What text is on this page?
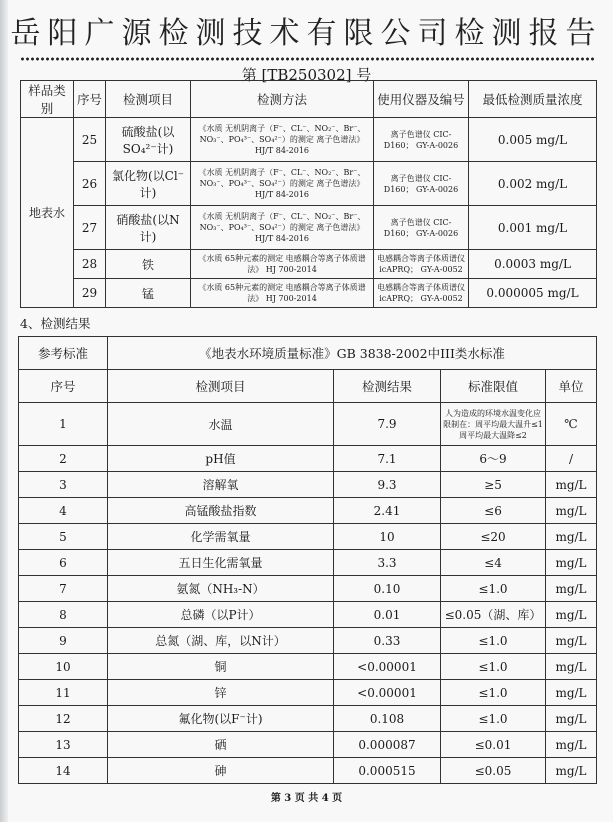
岳阳广源检测技术有限公司检测报告
第 [TB250302] 号
样品类别	序号	检测项目	检测方法	使用仪器及编号	最低检测质量浓度
地表水	25	硫酸盐(以SO₄²⁻计)	《水质 无机阴离子（F⁻、CL⁻、NO₂⁻、Br⁻、NO₃⁻、PO₄³⁻、SO₄²⁻）的测定 离子色谱法》HJ/T 84-2016	离子色谱仪 CIC-D160； GY-A-0026	0.005 mg/L
	26	氯化物(以Cl⁻计)	《水质 无机阴离子（F⁻、CL⁻、NO₂⁻、Br⁻、NO₃⁻、PO₄³⁻、SO₄²⁻）的测定 离子色谱法》HJ/T 84-2016	离子色谱仪 CIC-D160； GY-A-0026	0.002 mg/L
	27	硝酸盐(以N 计)	《水质 无机阴离子（F⁻、CL⁻、NO₂⁻、Br⁻、NO₃⁻、PO₄³⁻、SO₄²⁻）的测定 离子色谱法》HJ/T 84-2016	离子色谱仪 CIC-D160； GY-A-0026	0.001 mg/L
	28	铁	《水质 65种元素的测定 电感耦合等离子体质谱法》 HJ 700-2014	电感耦合等离子体质谱仪icAPRQ； GY-A-0052	0.0003 mg/L
	29	锰	《水质 65种元素的测定 电感耦合等离子体质谱法》 HJ 700-2014	电感耦合等离子体质谱仪icAPRQ； GY-A-0052	0.000005 mg/L
4、检测结果
参考标准	《地表水环境质量标准》GB 3838-2002中III类水标准			
序号	检测项目	检测结果	标准限值	单位
1	水温	7.9	人为造成的环境水温变化应限制在：周平均最大温升≤1 周平均最大温降≤2	℃
2	pH值	7.1	6～9	/
3	溶解氧	9.3	≥5	mg/L
4	高锰酸盐指数	2.41	≤6	mg/L
5	化学需氧量	10	≤20	mg/L
6	五日生化需氧量	3.3	≤4	mg/L
7	氨氮（NH₃-N）	0.10	≤1.0	mg/L
8	总磷（以P计）	0.01	≤0.05（湖、库）	mg/L
9	总氮（湖、库，以N计）	0.33	≤1.0	mg/L
10	铜	<0.00001	≤1.0	mg/L
11	锌	<0.00001	≤1.0	mg/L
12	氟化物(以F⁻计)	0.108	≤1.0	mg/L
13	硒	0.000087	≤0.01	mg/L
14	砷	0.000515	≤0.05	mg/L
第 3 页 共 4 页
